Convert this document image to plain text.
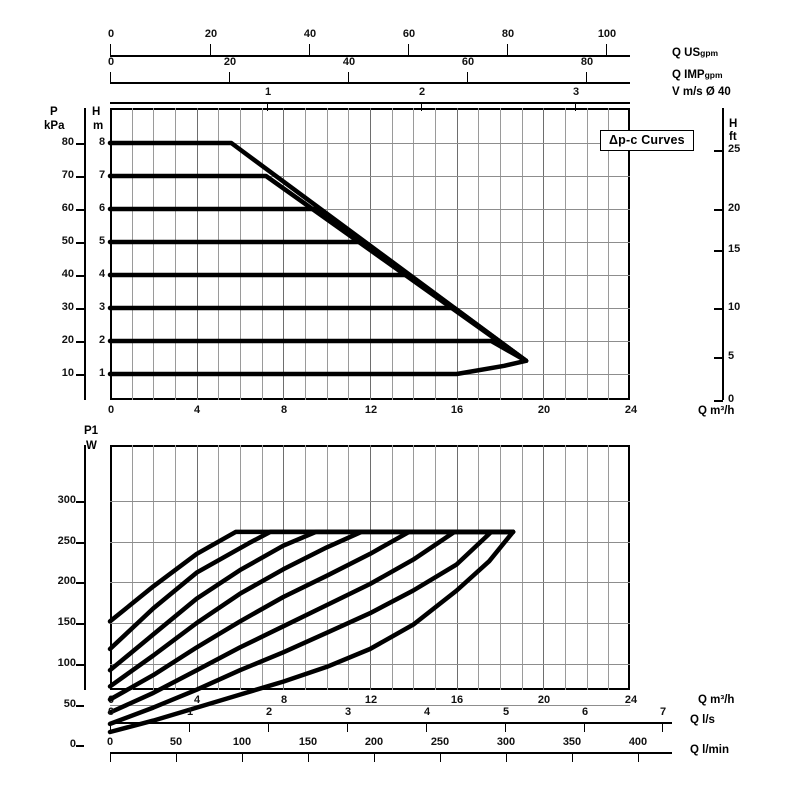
0	20	40	60	80	100
0	20	40	60	80
1	2	3
Q USgpm
Q IMPgpm
V m/s Ø 40
P
kPa
H
m	H
ft
80
70
60
50
40
30
20
10
25
20
15
10
5
0
0	4	8	12	16	20	24
8
7
6
5
4
3
2
1
Q m³/h
Δp-c Curves
P1
W
300
250
200
150
100
50
0
0	4	8	12	16	20	24	Q m³/h
0	1	2	3	4	5	6	7
0	50	100	150	200	250	300	350	400
Q l/s
Q l/min
